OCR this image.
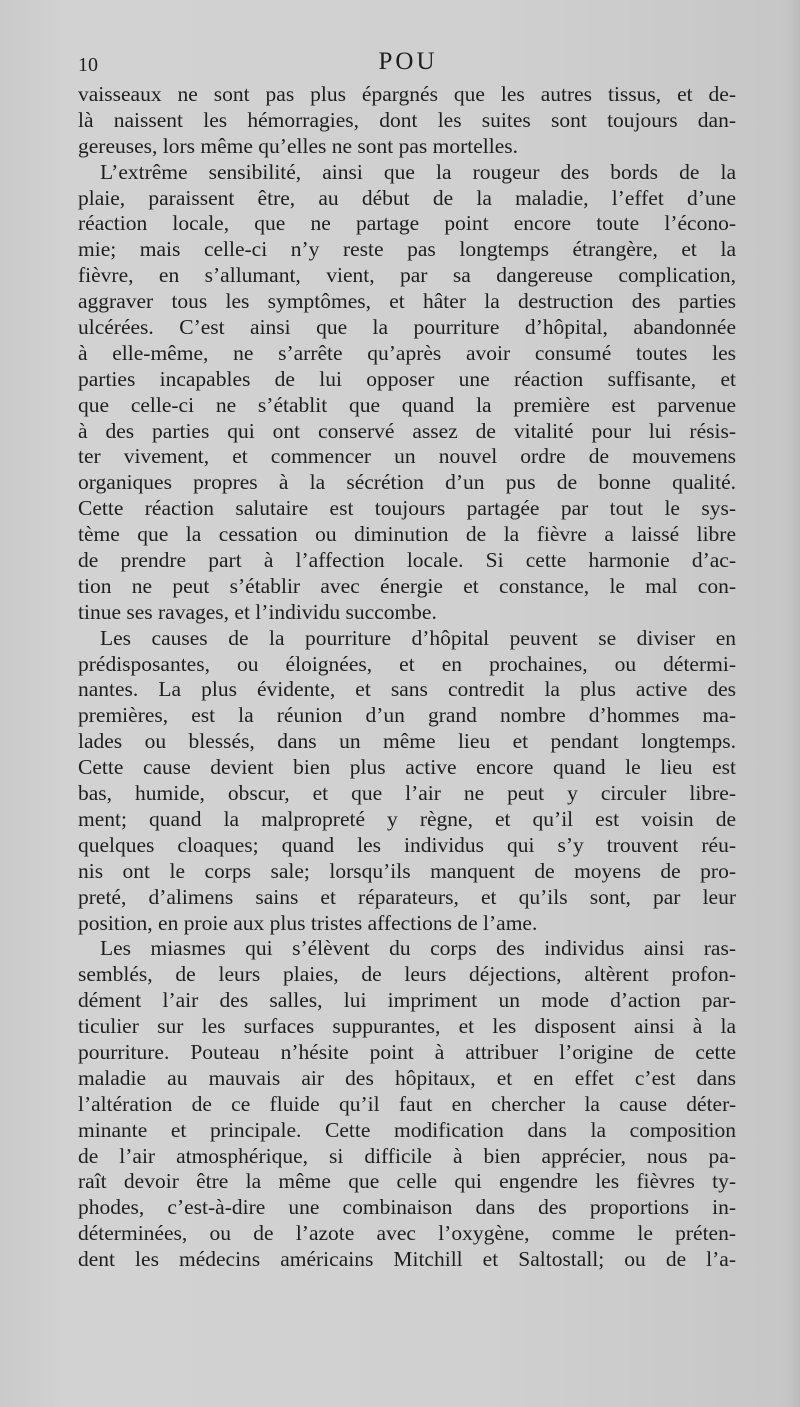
10	POU
vaisseaux ne sont pas plus épargnés que les autres tissus, et de-
là naissent les hémorragies, dont les suites sont toujours dan-
gereuses, lors même qu’elles ne sont pas mortelles.
L’extrême sensibilité, ainsi que la rougeur des bords de la
plaie, paraissent être, au début de la maladie, l’effet d’une
réaction locale, que ne partage point encore toute l’écono-
mie; mais celle-ci n’y reste pas longtemps étrangère, et la
fièvre, en s’allumant, vient, par sa dangereuse complication,
aggraver tous les symptômes, et hâter la destruction des parties
ulcérées. C’est ainsi que la pourriture d’hôpital, abandonnée
à elle-même, ne s’arrête qu’après avoir consumé toutes les
parties incapables de lui opposer une réaction suffisante, et
que celle-ci ne s’établit que quand la première est parvenue
à des parties qui ont conservé assez de vitalité pour lui résis-
ter vivement, et commencer un nouvel ordre de mouvemens
organiques propres à la sécrétion d’un pus de bonne qualité.
Cette réaction salutaire est toujours partagée par tout le sys-
tème que la cessation ou diminution de la fièvre a laissé libre
de prendre part à l’affection locale. Si cette harmonie d’ac-
tion ne peut s’établir avec énergie et constance, le mal con-
tinue ses ravages, et l’individu succombe.
Les causes de la pourriture d’hôpital peuvent se diviser en
prédisposantes, ou éloignées, et en prochaines, ou détermi-
nantes. La plus évidente, et sans contredit la plus active des
premières, est la réunion d’un grand nombre d’hommes ma-
lades ou blessés, dans un même lieu et pendant longtemps.
Cette cause devient bien plus active encore quand le lieu est
bas, humide, obscur, et que l’air ne peut y circuler libre-
ment; quand la malpropreté y règne, et qu’il est voisin de
quelques cloaques; quand les individus qui s’y trouvent réu-
nis ont le corps sale; lorsqu’ils manquent de moyens de pro-
preté, d’alimens sains et réparateurs, et qu’ils sont, par leur
position, en proie aux plus tristes affections de l’ame.
Les miasmes qui s’élèvent du corps des individus ainsi ras-
semblés, de leurs plaies, de leurs déjections, altèrent profon-
dément l’air des salles, lui impriment un mode d’action par-
ticulier sur les surfaces suppurantes, et les disposent ainsi à la
pourriture. Pouteau n’hésite point à attribuer l’origine de cette
maladie au mauvais air des hôpitaux, et en effet c’est dans
l’altération de ce fluide qu’il faut en chercher la cause déter-
minante et principale. Cette modification dans la composition
de l’air atmosphérique, si difficile à bien apprécier, nous pa-
raît devoir être la même que celle qui engendre les fièvres ty-
phodes, c’est-à-dire une combinaison dans des proportions in-
déterminées, ou de l’azote avec l’oxygène, comme le préten-
dent les médecins américains Mitchill et Saltostall; ou de l’a-
